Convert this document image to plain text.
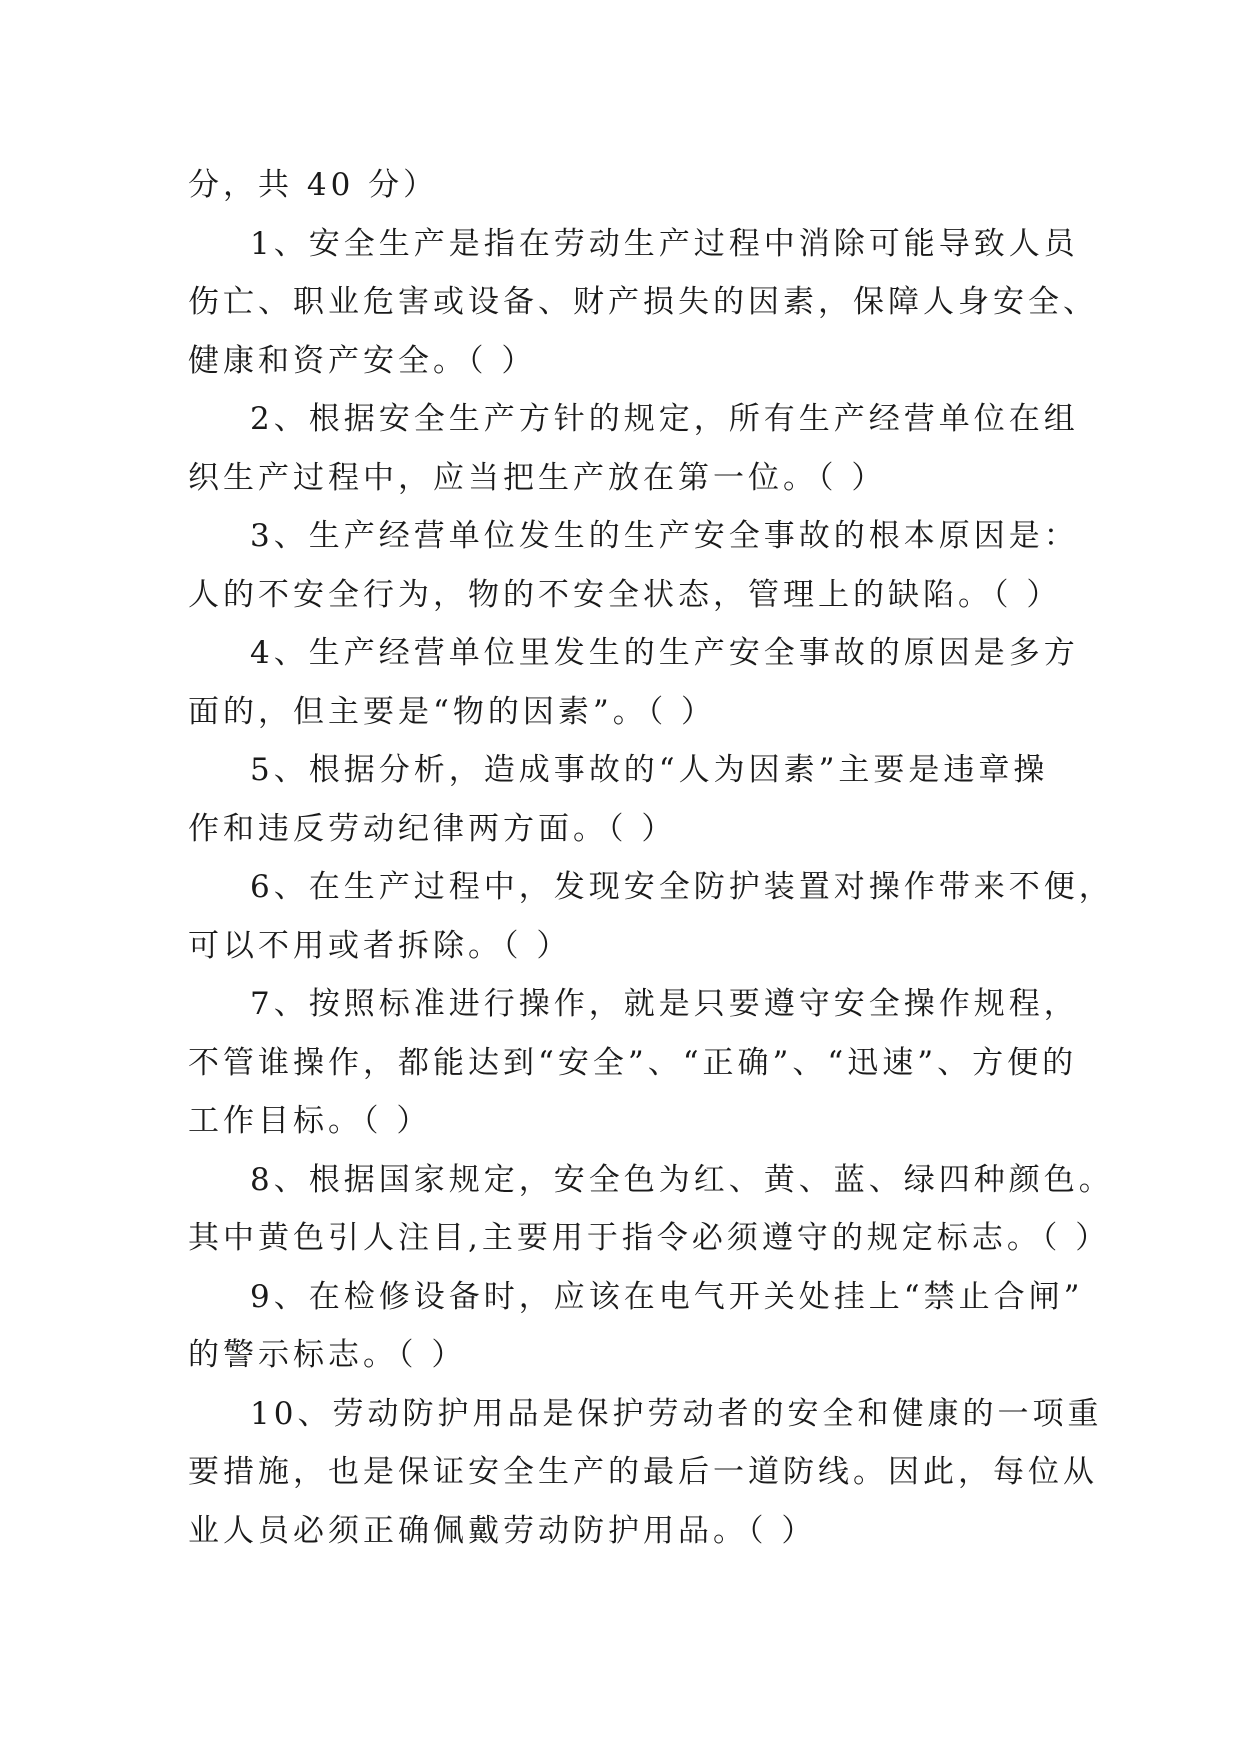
分，共 40 分）
1、安全生产是指在劳动生产过程中消除可能导致人员
伤亡、职业危害或设备、财产损失的因素，保障人身安全、
健康和资产安全。（ ）
2、根据安全生产方针的规定，所有生产经营单位在组
织生产过程中，应当把生产放在第一位。（ ）
3、生产经营单位发生的生产安全事故的根本原因是：
人的不安全行为，物的不安全状态，管理上的缺陷。（ ）
4、生产经营单位里发生的生产安全事故的原因是多方
面的，但主要是“物的因素”。（ ）
5、根据分析，造成事故的“人为因素”主要是违章操
作和违反劳动纪律两方面。（ ）
6、在生产过程中，发现安全防护装置对操作带来不便，
可以不用或者拆除。（ ）
7、按照标准进行操作，就是只要遵守安全操作规程，
不管谁操作，都能达到“安全”、“正确”、“迅速”、方便的
工作目标。（ ）
8、根据国家规定，安全色为红、黄、蓝、绿四种颜色。
其中黄色引人注目,主要用于指令必须遵守的规定标志。（ ）
9、在检修设备时，应该在电气开关处挂上“禁止合闸”
的警示标志。（ ）
10、劳动防护用品是保护劳动者的安全和健康的一项重
要措施，也是保证安全生产的最后一道防线。因此，每位从
业人员必须正确佩戴劳动防护用品。（ ）
